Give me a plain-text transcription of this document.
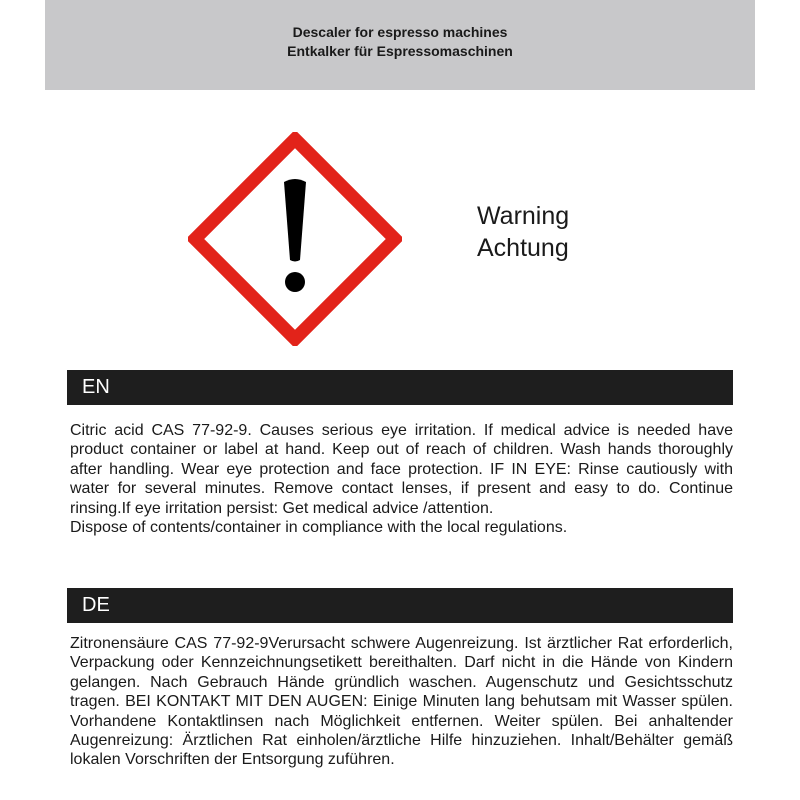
Descaler for espresso machines
Entkalker für Espressomaschinen
Warning
Achtung
EN

Citric acid CAS 77-92-9. Causes serious eye irritation. If medical advice is needed have product container or label at hand. Keep out of reach of children. Wash hands thoroughly after handling. Wear eye protection and face protection. IF IN EYE: Rinse cautiously with water for several minutes. Remove contact lenses, if present and easy to do. Continue rinsing.If eye irritation persist: Get medical advice /attention.

Dispose of contents/container in compliance with the local regulations.

DE

Zitronensäure CAS 77-92-9Verursacht schwere Augenreizung. Ist ärztlicher Rat erforderlich, Verpackung oder Kennzeichnungsetikett bereithalten. Darf nicht in die Hände von Kindern gelangen. Nach Gebrauch Hände gründlich waschen. Augenschutz und Gesichtsschutz tragen. BEI KONTAKT MIT DEN AUGEN: Einige Minuten lang behutsam mit Wasser spülen. Vorhandene Kontaktlinsen nach Möglichkeit entfernen. Weiter spülen. Bei anhaltender Augenreizung: Ärztlichen Rat einholen/ärztliche Hilfe hinzuziehen. Inhalt/Behälter gemäß lokalen Vorschriften der Entsorgung zuführen.
